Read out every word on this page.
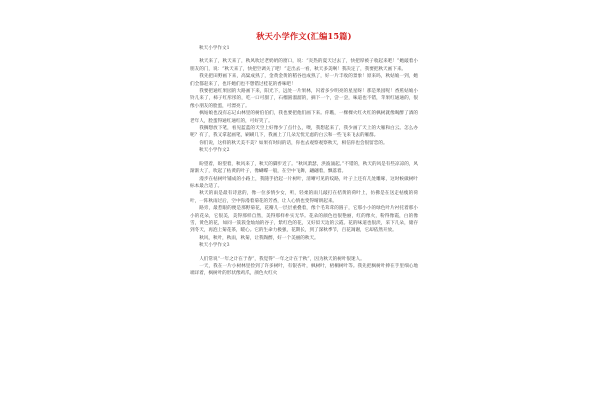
秋天小学作文(汇编15篇)

秋天小学作文1

秋天来了，秋天来了，秋风吹过老奶奶的窗口，说：“炎热的夏天过去了，快把厚被子收起来吧！”她敲着小朋友的门，说：“秋天来了，快把空调关了吧！”走出去一看，秋天多美啊！我决定了，我要把秋天画下来。

我先把田野画下来，高粱成熟了，金黄金黄的稻谷也成熟了，好一片丰收的景象！原来吗，秋姑娘一到，她们全都赶来了，也许她们也不想错过桂花的香味吧！

我要把通红果园的大路画下来，阳光下，远处一片果林，闪着多少明亮的星星呀！那是果园呢！香蕉姑娘小铃儿来了，柿子红彤彤的，吃一口可甜了，石榴圆溜溜的，摘下一个，尝一尝，味道也不错，苹果红通通的，很像小朋友的脸蛋，可漂亮了。

枫姑娘也没有忘记山林里的树伯伯们，我也要把他们画下来。你瞧，一棵棵火红火红的枫树就像喝醉了酒的老年人，脸蛋得通红通红的，可好笑了。

我搁想放下笔，看见蓝蓝的天空上好像少了点什么，噢，我想起来了，我少画了天上的大雁和白云。怎么办呢？有了，我又拿起画笔，刷刷几下，我画上了几朵无忧无虑的白云和一些飞来飞去的雁群。

你们说，这样的秋天美不美？如果有时间的话，你也去观察观察秋天，相信你也会很留恋的。

秋天小学作文2

盼望着，盼望着，秋风来了，秋天的脚步近了。“秋风萧瑟，洪波涌起。”不错的，秋天的风是有些凉凉的，风渐渐大了，吹起了枯黄的叶子，像蝴蝶一般，在空中飞舞，翩翩着，飘落着。

漫步在枯树叶铺成的小路上，我随手拾起一片树叶，清晰可见的纹路，叶子上还有几处雕啄，这时候做树叶标本最合适了。

秋天的雨是最有诗意的，像一位多情少女，听，轻柔的雨儿敲打在桔黄的荷叶上，仿佛是在送走枯瘦的荷叶，一阵秋雨过后，空中弥漫着菊花的芳香，让人心情也变得晴朗起来。

路旁，最惹眼的便是那野菊花，花瓣儿一层层重叠着，像个毛茸茸的圆子，它那小小的绿色叶片衬托着那小小的花朵，它很美，美得那样自然，美得那样朴实无华。花朵的颜色也很艳丽，红的像火，粉得像霞，白的像雪，黄色的花，如同一簇簇金灿灿的谷子，紫红色的花，又好似天边的云霞。花的味道也很淡，采下几朵，储存到冬天，再泡上菊花茶，暖心。它的生命力极强，花期长，到了深秋季节，百花凋谢，它却依然开放。

秋风，秋叶，秋雨，秋菊，让我陶醉，好一个美丽的秋天。

秋天小学作文3

人们常说“一年之计在于春”，我觉得“一年之计在于秋”，因为秋天的树叶很迷人。

一天，我在一片小树林里捡到了许多树叶，有银杏叶，枫树叶，梧桐树叶等。我先把枫树叶捧在手里细心地端详着，枫树叶的形状像鸡爪，颜色火红火
